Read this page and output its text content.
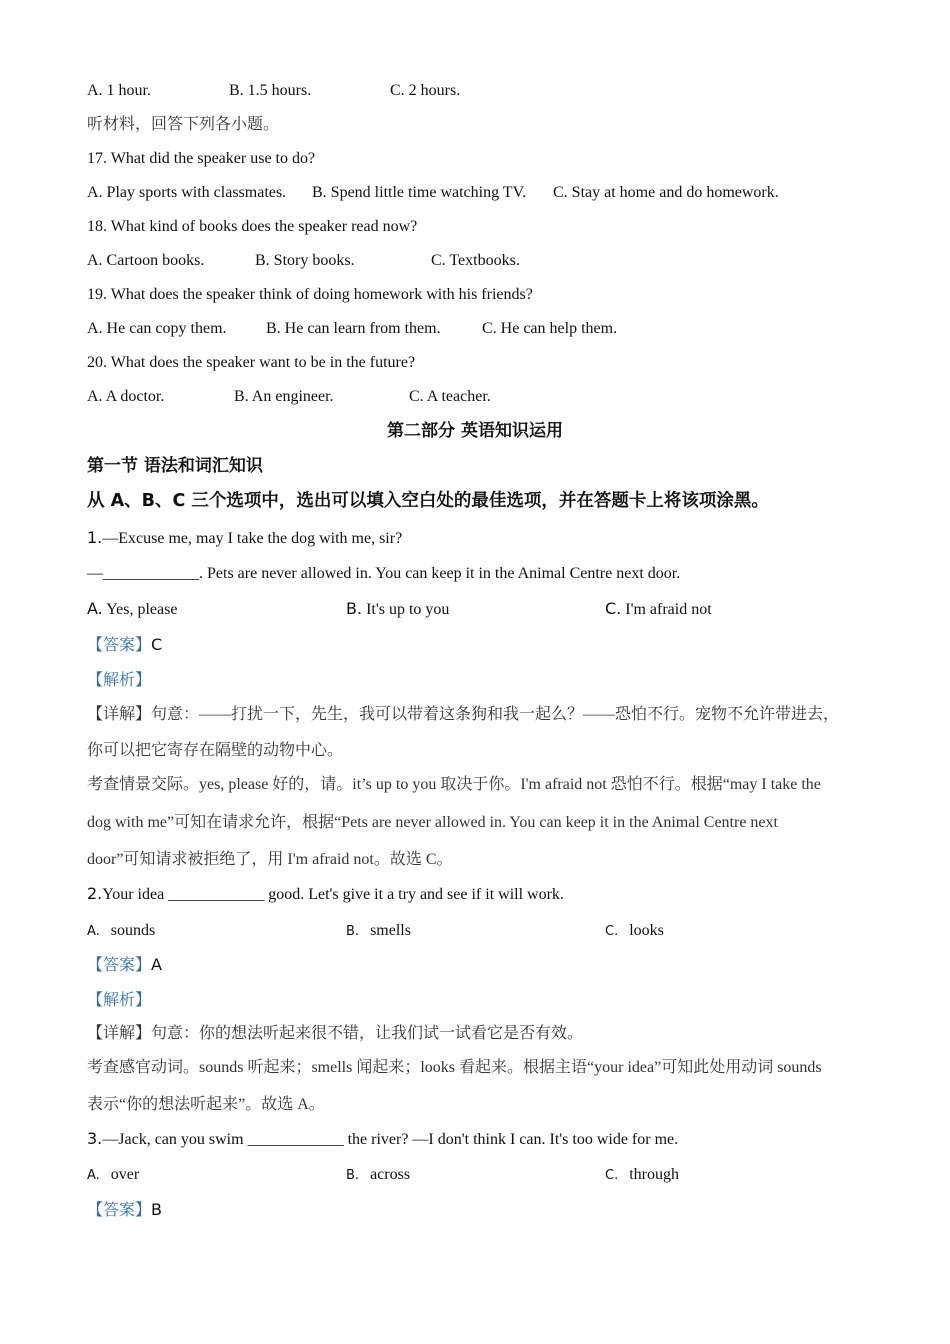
A. 1 hour.	B. 1.5 hours.	C. 2 hours.
听材料，回答下列各小题。
17. What did the speaker use to do?
A. Play sports with classmates. B. Spend little time watching TV. C. Stay at home and do homework.
18. What kind of books does the speaker read now?
A. Cartoon books.	B. Story books.	C. Textbooks.
19. What does the speaker think of doing homework with his friends?
A. He can copy them. B. He can learn from them.	C. He can help them.
20. What does the speaker want to be in the future?
A. A doctor.	B. An engineer.	C. A teacher.
第二部分 英语知识运用
第一节 语法和词汇知识
从 A、B、C 三个选项中，选出可以填入空白处的最佳选项，并在答题卡上将该项涂黑。
1.—Excuse me, may I take the dog with me, sir?
—____________. Pets are never allowed in. You can keep it in the Animal Centre next door.
A. Yes, please	B. It's up to you	C. I'm afraid not
【答案】C
【解析】
【详解】句意：——打扰一下，先生，我可以带着这条狗和我一起么？——恐怕不行。宠物不允许带进去，
你可以把它寄存在隔壁的动物中心。
考查情景交际。yes, please 好的，请。it’s up to you 取决于你。I'm afraid not 恐怕不行。根据“may I take the
dog with me”可知在请求允许，根据“Pets are never allowed in. You can keep it in the Animal Centre next
door”可知请求被拒绝了，用 I'm afraid not。故选 C。
2.Your idea ____________ good. Let's give it a try and see if it will work.
A. sounds	B. smells	C. looks
【答案】A
【解析】
【详解】句意：你的想法听起来很不错，让我们试一试看它是否有效。
考查感官动词。sounds 听起来；smells 闻起来；looks 看起来。根据主语“your idea”可知此处用动词 sounds
表示“你的想法听起来”。故选 A。
3.—Jack, can you swim ____________ the river? —I don't think I can. It's too wide for me.
A. over	B. across	C. through
【答案】B
